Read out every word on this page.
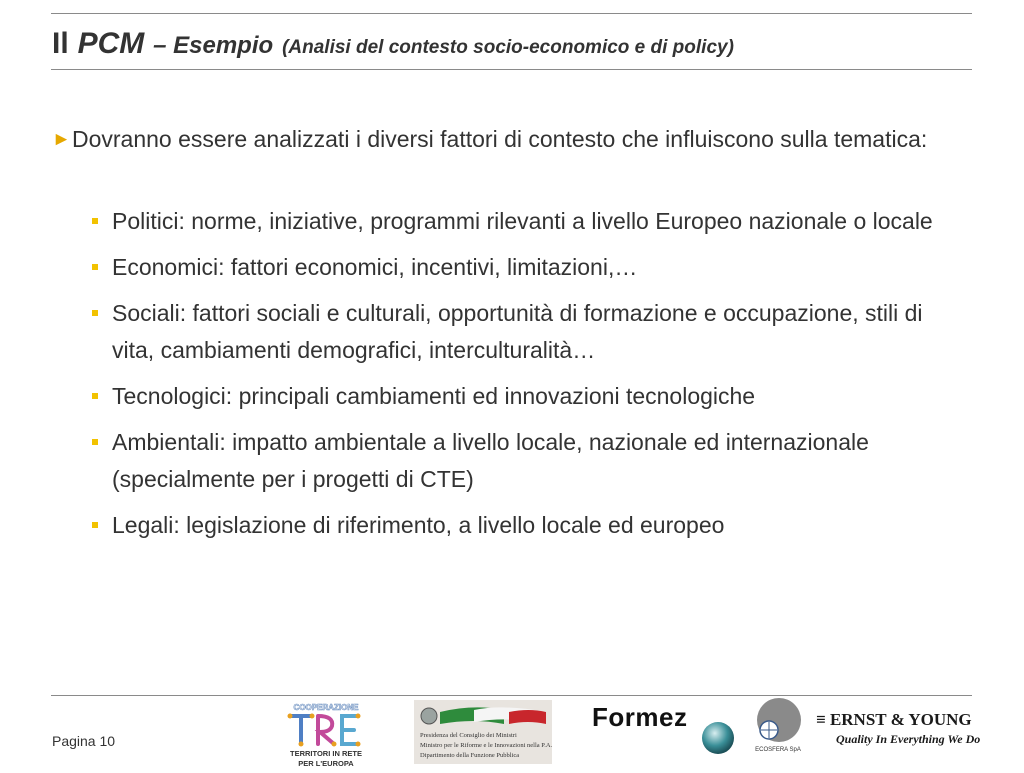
Il PCM – Esempio (Analisi del contesto socio-economico e di policy)
► Dovranno essere analizzati i diversi fattori di contesto che influiscono sulla tematica:
Politici: norme, iniziative, programmi rilevanti a livello Europeo nazionale o locale
Economici: fattori economici, incentivi, limitazioni,…
Sociali: fattori sociali e culturali, opportunità di formazione e occupazione, stili di vita, cambiamenti demografici, interculturalità…
Tecnologici: principali cambiamenti ed innovazioni tecnologiche
Ambientali: impatto ambientale a livello locale, nazionale ed internazionale (specialmente per i progetti di CTE)
Legali: legislazione di riferimento, a livello locale ed europeo
Pagina 10
COOPERAZIONE
TERRITORI IN RETE
PER L'EUROPA
Presidenza del Consiglio dei Ministri
Ministro per le Riforme e le Innovazioni nella P.A.
Dipartimento della Funzione Pubblica
Formez
ECOSFERA SpA
≡ ERNST & YOUNG
Quality In Everything We Do
